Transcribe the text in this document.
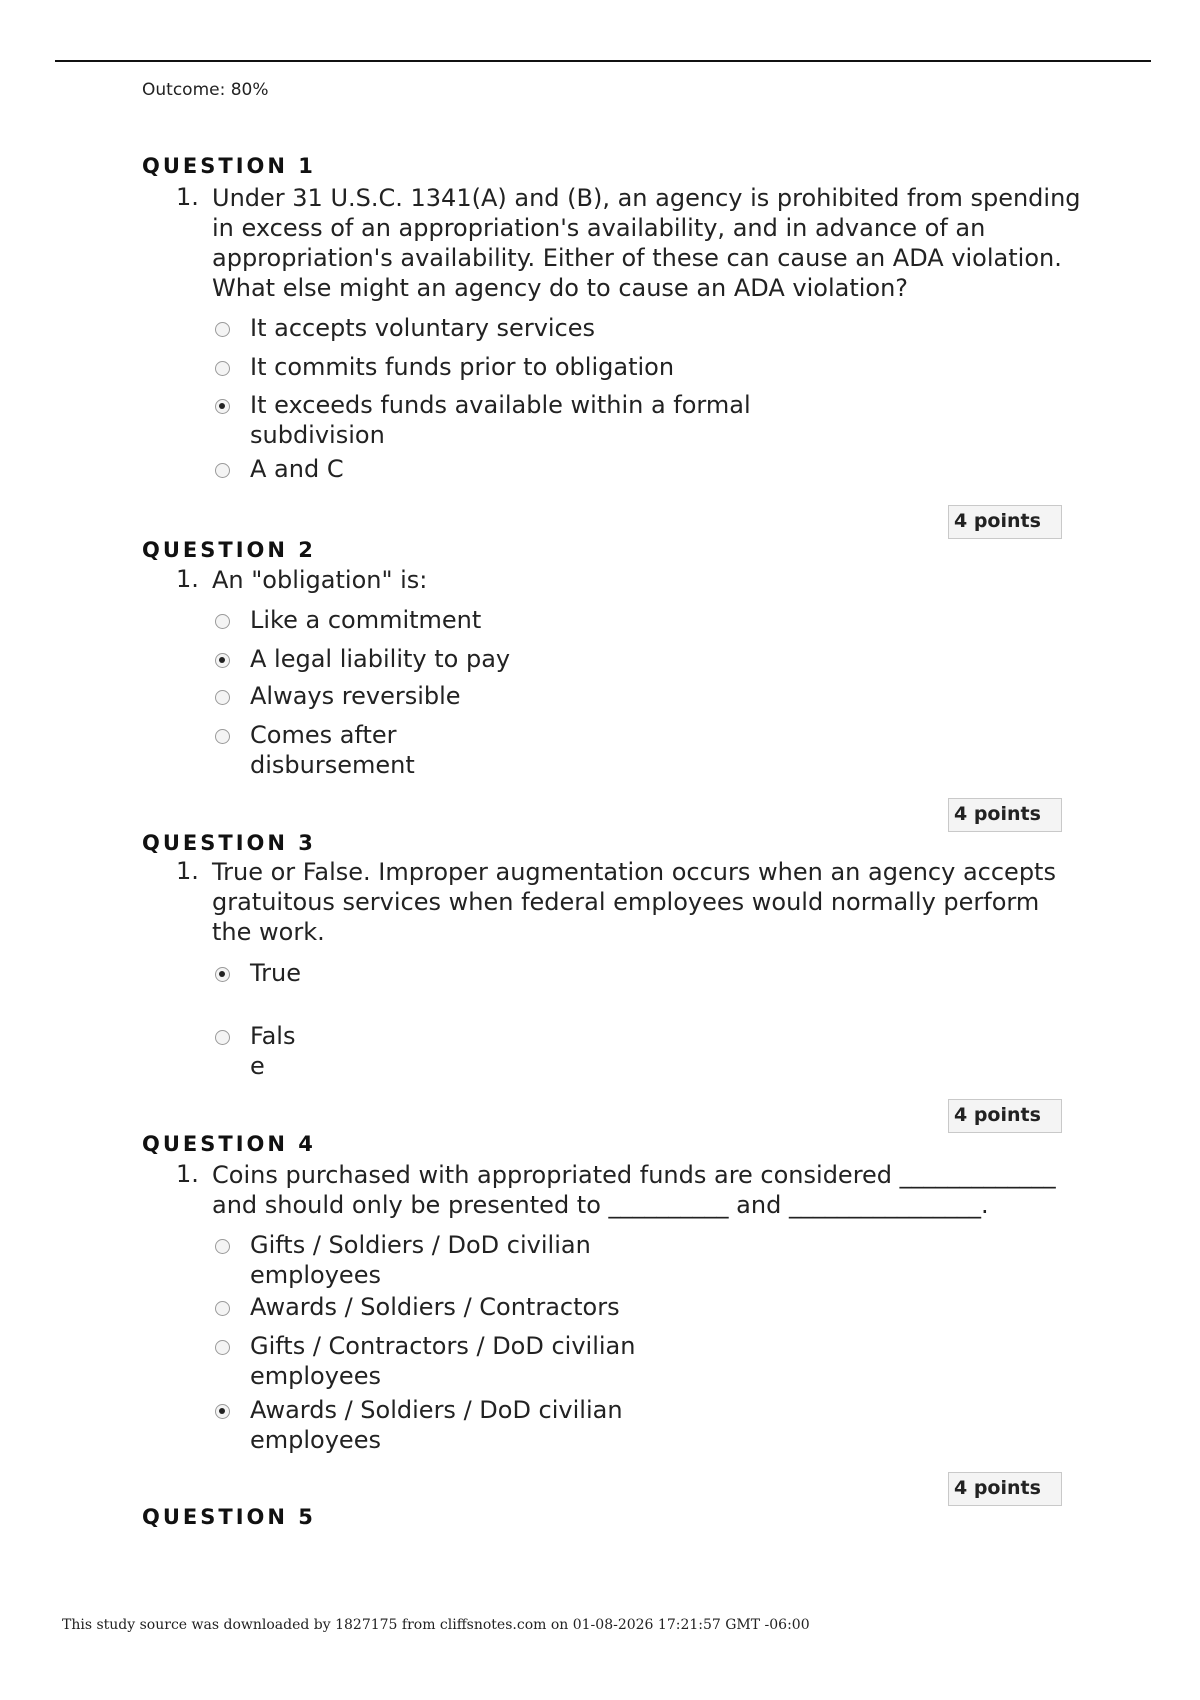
Outcome: 80%
QUESTION 1
1. Under 31 U.S.C. 1341(A) and (B), an agency is prohibited from spending in excess of an appropriation's availability, and in advance of an appropriation's availability. Either of these can cause an ADA violation. What else might an agency do to cause an ADA violation?
It accepts voluntary services
It commits funds prior to obligation
It exceeds funds available within a formal subdivision
A and C
4 points
QUESTION 2
1. An "obligation" is:
Like a commitment
A legal liability to pay
Always reversible
Comes after disbursement
4 points
QUESTION 3
1. True or False. Improper augmentation occurs when an agency accepts gratuitous services when federal employees would normally perform the work.
True
False
4 points
QUESTION 4
1. Coins purchased with appropriated funds are considered _____________ and should only be presented to __________ and ________________.
Gifts / Soldiers / DoD civilian employees
Awards / Soldiers / Contractors
Gifts / Contractors / DoD civilian employees
Awards / Soldiers / DoD civilian employees
4 points
QUESTION 5
This study source was downloaded by 1827175 from cliffsnotes.com on 01-08-2026 17:21:57 GMT -06:00
